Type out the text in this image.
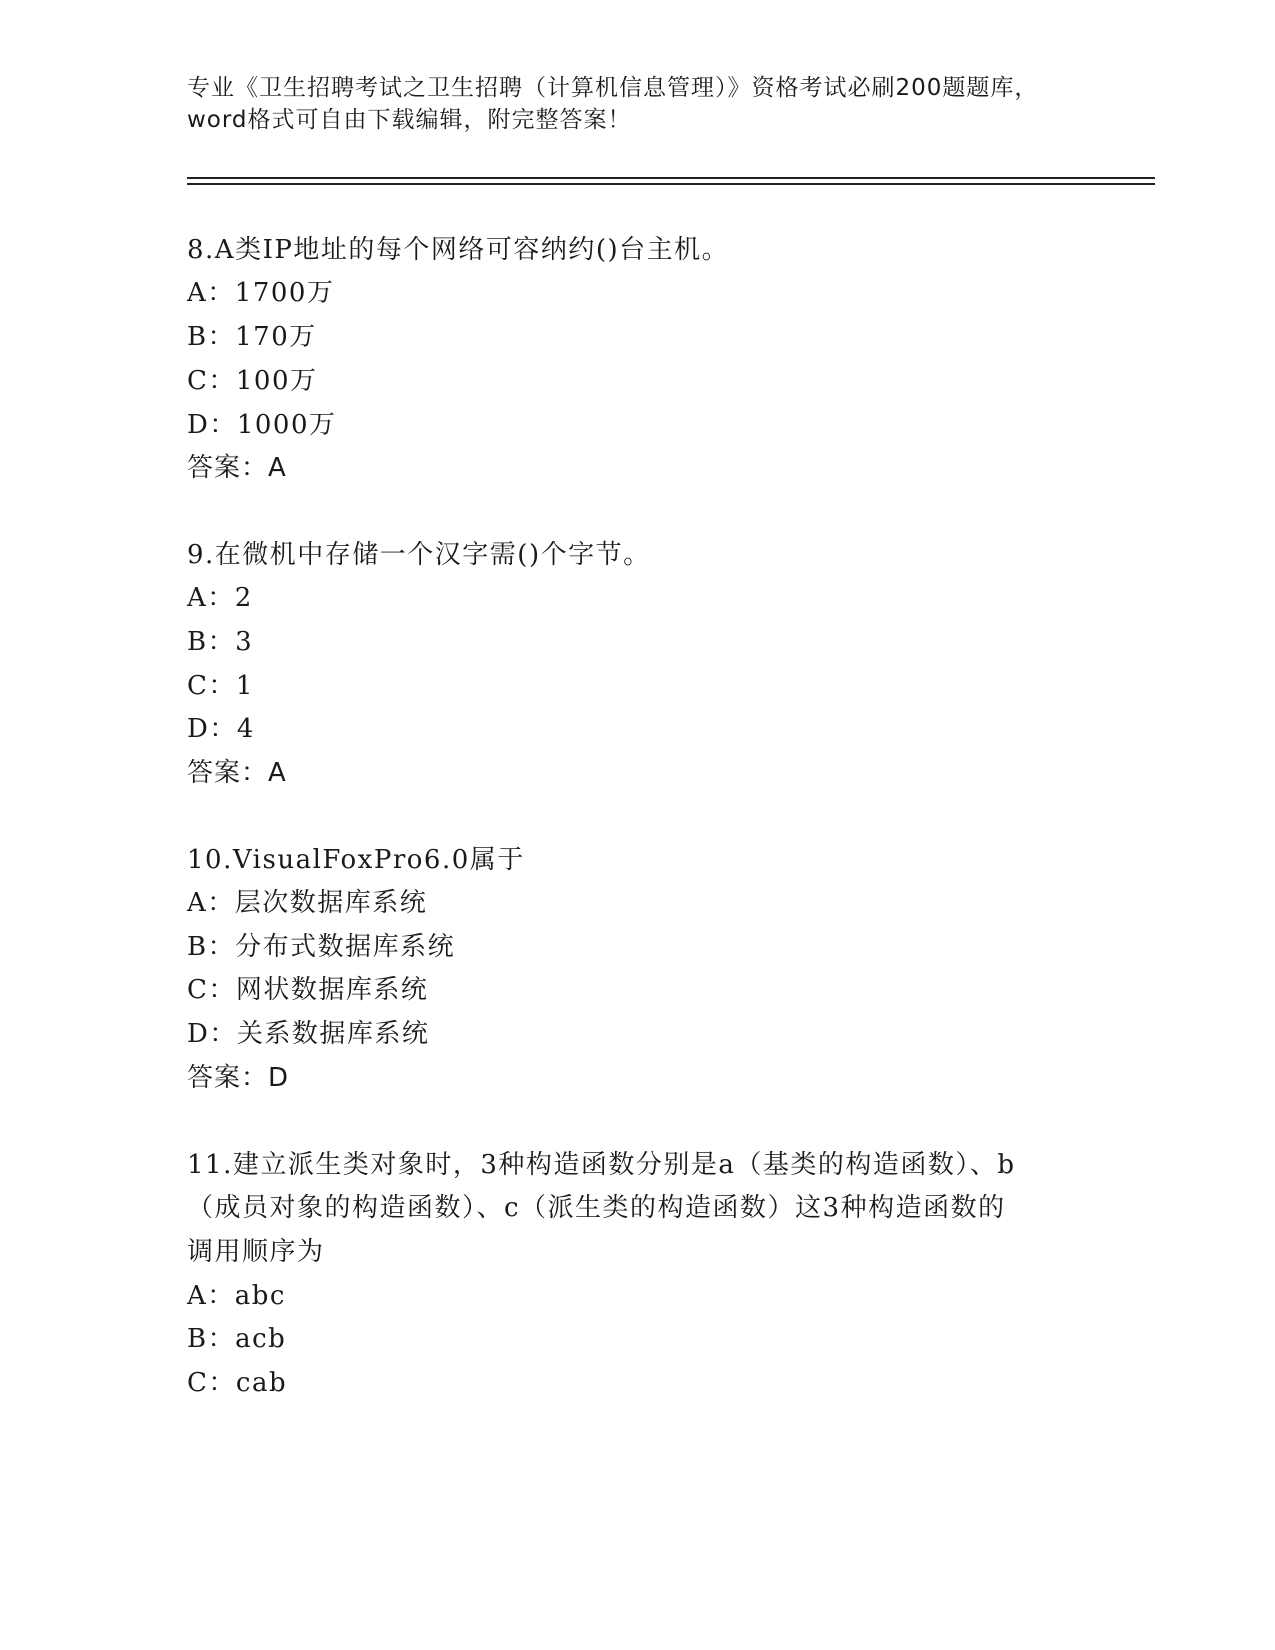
专业《卫生招聘考试之卫生招聘（计算机信息管理）》资格考试必刷200题题库，
word格式可自由下载编辑，附完整答案！
8.A类IP地址的每个网络可容纳约()台主机。
A：1700万
B：170万
C：100万
D：1000万
答案：A
9.在微机中存储一个汉字需()个字节。
A：2
B：3
C：1
D：4
答案：A
10.VisualFoxPro6.0属于
A：层次数据库系统
B：分布式数据库系统
C：网状数据库系统
D：关系数据库系统
答案：D
11.建立派生类对象时，3种构造函数分别是a（基类的构造函数）、b
（成员对象的构造函数）、c（派生类的构造函数）这3种构造函数的
调用顺序为
A：abc
B：acb
C：cab
